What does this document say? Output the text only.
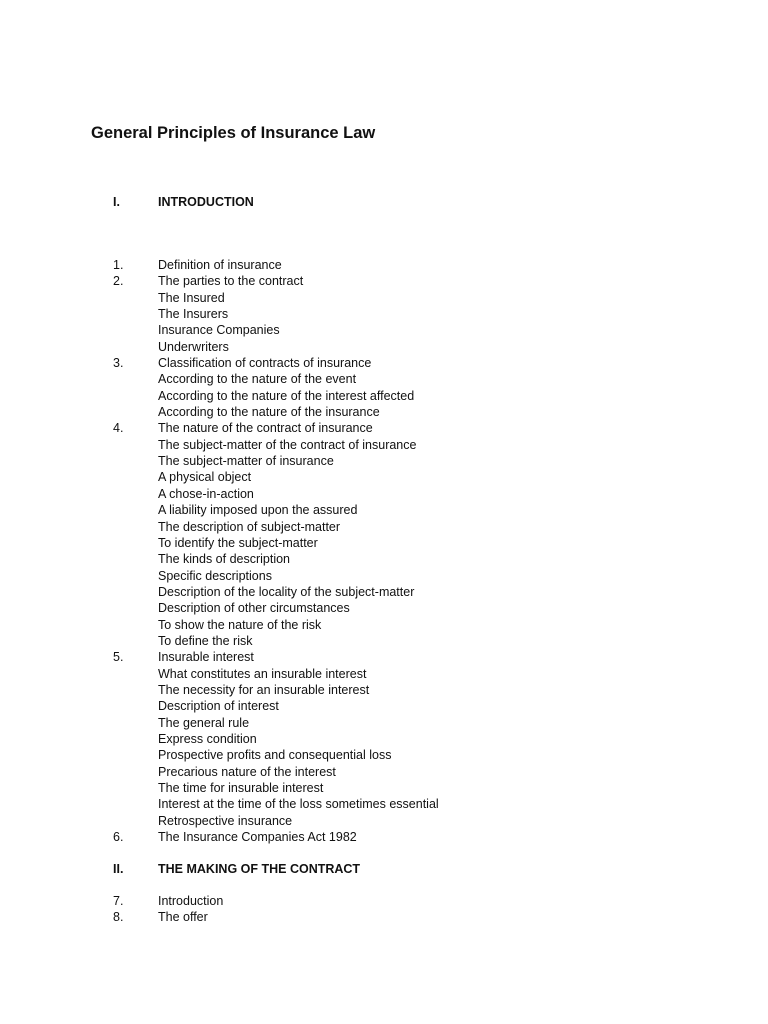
General Principles of Insurance Law
I.	INTRODUCTION
1.	Definition of insurance
2.	The parties to the contract
The Insured
The Insurers
Insurance Companies
Underwriters
3.	Classification of contracts of insurance
According to the nature of the event
According to the nature of the interest affected
According to the nature of the insurance
4.	The nature of the contract of insurance
The subject-matter of the contract of insurance
The subject-matter of insurance
A physical object
A chose-in-action
A liability imposed upon the assured
The description of subject-matter
To identify the subject-matter
The kinds of description
Specific descriptions
Description of the locality of the subject-matter
Description of other circumstances
To show the nature of the risk
To define the risk
5.	Insurable interest
What constitutes an insurable interest
The necessity for an insurable interest
Description of interest
The general rule
Express condition
Prospective profits and consequential loss
Precarious nature of the interest
The time for insurable interest
Interest at the time of the loss sometimes essential
Retrospective insurance
6.	The Insurance Companies Act 1982
II.	THE MAKING OF THE CONTRACT
7.	Introduction
8.	The offer
